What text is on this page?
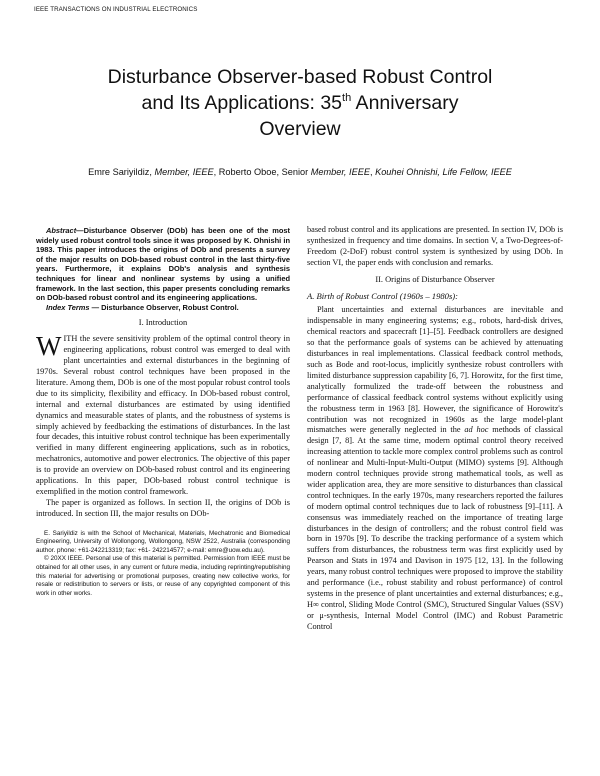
IEEE TRANSACTIONS ON INDUSTRIAL ELECTRONICS
Disturbance Observer-based Robust Control
and Its Applications: 35th Anniversary
Overview
Emre Sariyildiz, Member, IEEE, Roberto Oboe, Senior Member, IEEE, Kouhei Ohnishi, Life Fellow, IEEE

Abstract—Disturbance Observer (DOb) has been one of the most widely used robust control tools since it was proposed by K. Ohnishi in 1983. This paper introduces the origins of DOb and presents a survey of the major results on DOb-based robust control in the last thirty-five years. Furthermore, it explains DOb's analysis and synthesis techniques for linear and nonlinear systems by using a unified framework. In the last section, this paper presents concluding remarks on DOb-based robust control and its engineering applications.

Index Terms — Disturbance Observer, Robust Control.

I. Introduction

WITH the severe sensitivity problem of the optimal control theory in engineering applications, robust control was emerged to deal with plant uncertainties and external disturbances in the beginning of 1970s. Several robust control techniques have been proposed in the literature. Among them, DOb is one of the most popular robust control tools due to its simplicity, flexibility and efficacy. In DOb-based robust control, internal and external disturbances are estimated by using identified dynamics and measurable states of plants, and the robustness of systems is simply achieved by feedbacking the estimations of disturbances. In the last four decades, this intuitive robust control technique has been experimentally verified in many different engineering applications, such as in robotics, mechatronics, automotive and power electronics. The objective of this paper is to provide an overview on DOb-based robust control and its engineering applications. In this paper, DOb-based robust control technique is exemplified in the motion control framework.

The paper is organized as follows. In section II, the origins of DOb is introduced. In section III, the major results on DOb-

E. Sariyildiz is with the School of Mechanical, Materials, Mechatronic and Biomedical Engineering, University of Wollongong, Wollongong, NSW 2522, Australia (corresponding author. phone: +61-242213319; fax: +61- 242214577; e-mail: emre@uow.edu.au).

© 20XX IEEE. Personal use of this material is permitted. Permission from IEEE must be obtained for all other uses, in any current or future media, including reprinting/republishing this material for advertising or promotional purposes, creating new collective works, for resale or redistribution to servers or lists, or reuse of any copyrighted component of this work in other works.

based robust control and its applications are presented. In section IV, DOb is synthesized in frequency and time domains. In section V, a Two-Degrees-of-Freedom (2-DoF) robust control system is synthesized by using DOb. In section VI, the paper ends with conclusion and remarks.

II. Origins of Disturbance Observer
A. Birth of Robust Control (1960s – 1980s):

Plant uncertainties and external disturbances are inevitable and indispensable in many engineering systems; e.g., robots, hard-disk drives, chemical reactors and spacecraft [1]–[5]. Feedback controllers are designed so that the performance goals of systems can be achieved by attenuating disturbances in real implementations. Classical feedback control methods, such as Bode and root-locus, implicitly synthesize robust controllers with limited disturbance suppression capability [6, 7]. Horowitz, for the first time, analytically formulized the trade-off between the robustness and performance of classical feedback control systems without explicitly using the robustness term in 1963 [8]. However, the significance of Horowitz's contribution was not recognized in 1960s as the large model-plant mismatches were generally neglected in the ad hoc methods of classical design [7, 8]. At the same time, modern optimal control theory received increasing attention to tackle more complex control problems such as control of nonlinear and Multi-Input-Multi-Output (MIMO) systems [9]. Although modern control techniques provide strong mathematical tools, as well as wider application area, they are more sensitive to disturbances than classical control techniques. In the early 1970s, many researchers reported the failures of modern optimal control techniques due to lack of robustness [9]–[11]. A consensus was immediately reached on the importance of treating large disturbances in the design of controllers; and the robust control field was born in 1970s [9]. To describe the tracking performance of a system which suffers from disturbances, the robustness term was first explicitly used by Pearson and Stats in 1974 and Davison in 1975 [12, 13]. In the following years, many robust control techniques were proposed to improve the stability and performance (i.e., robust stability and robust performance) of control systems in the presence of plant uncertainties and external disturbances; e.g., H∞ control, Sliding Mode Control (SMC), Structured Singular Values (SSV) or μ-synthesis, Internal Model Control (IMC) and Robust Parametric Control
